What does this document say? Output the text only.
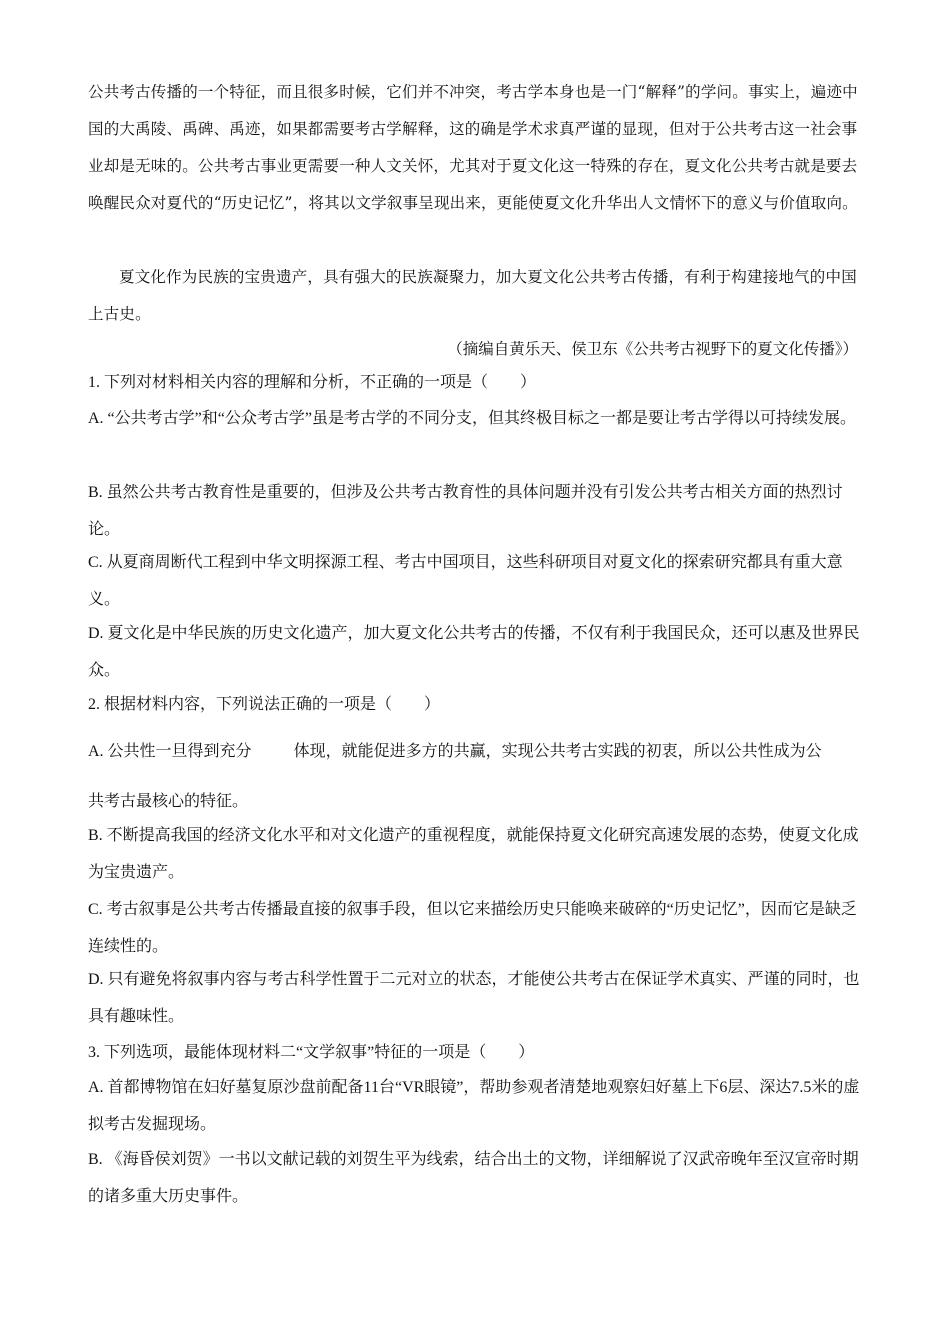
公共考古传播的一个特征，而且很多时候，它们并不冲突，考古学本身也是一门“解释”的学问。事实上，遍迹中国的大禹陵、禹碑、禹迹，如果都需要考古学解释，这的确是学术求真严谨的显现，但对于公共考古这一社会事业却是无味的。公共考古事业更需要一种人文关怀，尤其对于夏文化这一特殊的存在，夏文化公共考古就是要去唤醒民众对夏代的“历史记忆”，将其以文学叙事呈现出来，更能使夏文化升华出人文情怀下的意义与价值取向。

夏文化作为民族的宝贵遗产，具有强大的民族凝聚力，加大夏文化公共考古传播，有利于构建接地气的中国上古史。

（摘编自黄乐天、侯卫东《公共考古视野下的夏文化传播》）
1. 下列对材料相关内容的理解和分析，不正确的一项是（　　）
A. “公共考古学”和“公众考古学”虽是考古学的不同分支，但其终极目标之一都是要让考古学得以可持续发展。
B. 虽然公共考古教育性是重要的，但涉及公共考古教育性的具体问题并没有引发公共考古相关方面的热烈讨论。
C. 从夏商周断代工程到中华文明探源工程、考古中国项目，这些科研项目对夏文化的探索研究都具有重大意义。
D. 夏文化是中华民族的历史文化遗产，加大夏文化公共考古的传播，不仅有利于我国民众，还可以惠及世界民众。
2. 根据材料内容，下列说法正确的一项是（　　）
A. 公共性一旦得到充分	体现，就能促进多方的共赢，实现公共考古实践的初衷，所以公共性成为公
共考古最核心的特征。
B. 不断提高我国的经济文化水平和对文化遗产的重视程度，就能保持夏文化研究高速发展的态势，使夏文化成为宝贵遗产。
C. 考古叙事是公共考古传播最直接的叙事手段，但以它来描绘历史只能唤来破碎的“历史记忆”，因而它是缺乏连续性的。
D. 只有避免将叙事内容与考古科学性置于二元对立的状态，才能使公共考古在保证学术真实、严谨的同时，也具有趣味性。
3. 下列选项，最能体现材料二“文学叙事”特征的一项是（　　）
A. 首都博物馆在妇好墓复原沙盘前配备11台“VR眼镜”，帮助参观者清楚地观察妇好墓上下6层、深达7.5米的虚拟考古发掘现场。
B. 《海昏侯刘贺》一书以文献记载的刘贺生平为线索，结合出土的文物，详细解说了汉武帝晚年至汉宣帝时期的诸多重大历史事件。
